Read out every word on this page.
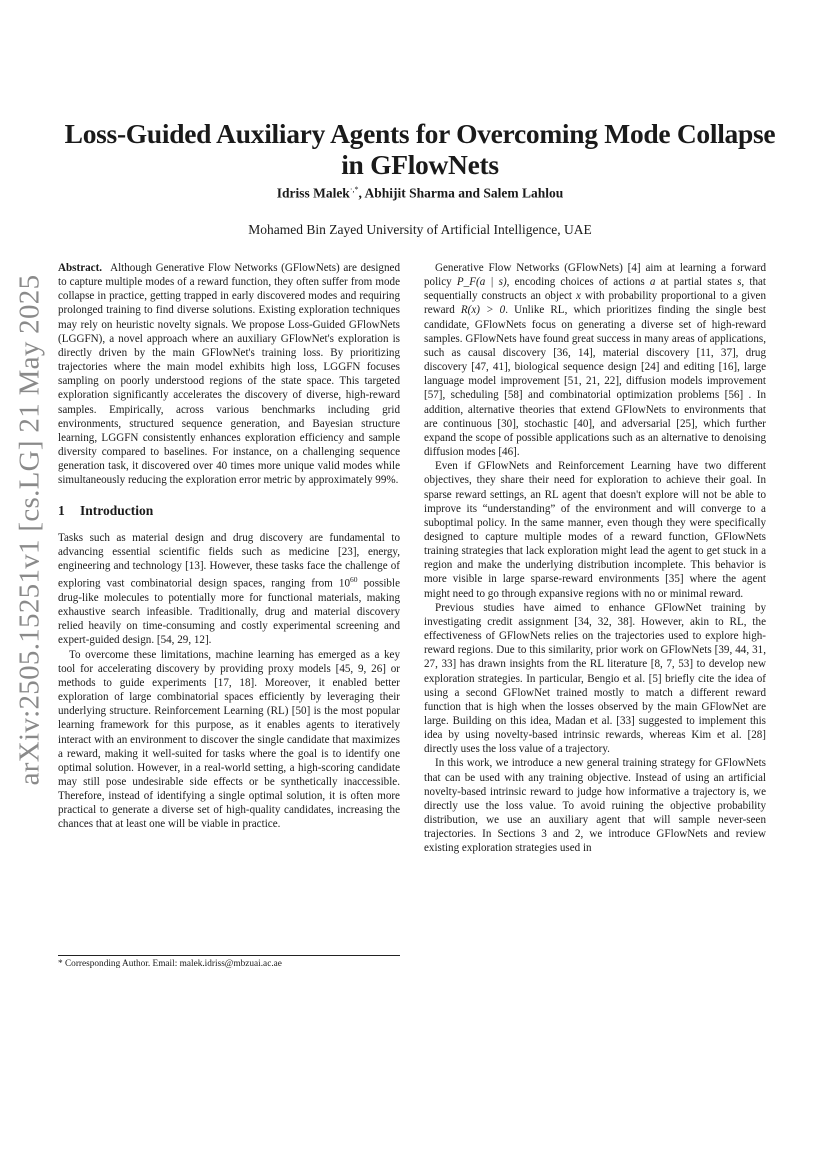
arXiv:2505.15251v1 [cs.LG] 21 May 2025
Loss-Guided Auxiliary Agents for Overcoming Mode Collapse in GFlowNets
Idriss Malek·,*, Abhijit Sharma and Salem Lahlou
Mohamed Bin Zayed University of Artificial Intelligence, UAE

Abstract. Although Generative Flow Networks (GFlowNets) are designed to capture multiple modes of a reward function, they often suffer from mode collapse in practice, getting trapped in early discovered modes and requiring prolonged training to find diverse solutions. Existing exploration techniques may rely on heuristic novelty signals. We propose Loss-Guided GFlowNets (LGGFN), a novel approach where an auxiliary GFlowNet's exploration is directly driven by the main GFlowNet's training loss. By prioritizing trajectories where the main model exhibits high loss, LGGFN focuses sampling on poorly understood regions of the state space. This targeted exploration significantly accelerates the discovery of diverse, high-reward samples. Empirically, across various benchmarks including grid environments, structured sequence generation, and Bayesian structure learning, LGGFN consistently enhances exploration efficiency and sample diversity compared to baselines. For instance, on a challenging sequence generation task, it discovered over 40 times more unique valid modes while simultaneously reducing the exploration error metric by approximately 99%.

1 Introduction

Tasks such as material design and drug discovery are fundamental to advancing essential scientific fields such as medicine [23], energy, engineering and technology [13]. However, these tasks face the challenge of exploring vast combinatorial design spaces, ranging from $10^{60}$ possible drug-like molecules to potentially more for functional materials, making exhaustive search infeasible. Traditionally, drug and material discovery relied heavily on time-consuming and costly experimental screening and expert-guided design. [54, 29, 12].

To overcome these limitations, machine learning has emerged as a key tool for accelerating discovery by providing proxy models [45, 9, 26] or methods to guide experiments [17, 18]. Moreover, it enabled better exploration of large combinatorial spaces efficiently by leveraging their underlying structure. Reinforcement Learning (RL) [50] is the most popular learning framework for this purpose, as it enables agents to iteratively interact with an environment to discover the single candidate that maximizes a reward, making it well-suited for tasks where the goal is to identify one optimal solution. However, in a real-world setting, a high-scoring candidate may still pose undesirable side effects or be synthetically inaccessible. Therefore, instead of identifying a single optimal solution, it is often more practical to generate a diverse set of high-quality candidates, increasing the chances that at least one will be viable in practice.

* Corresponding Author. Email: malek.idriss@mbzuai.ac.ae

Generative Flow Networks (GFlowNets) [4] aim at learning a forward policy P_F(a | s), encoding choices of actions a at partial states s, that sequentially constructs an object x with probability proportional to a given reward R(x) > 0. Unlike RL, which prioritizes finding the single best candidate, GFlowNets focus on generating a diverse set of high-reward samples. GFlowNets have found great success in many areas of applications, such as causal discovery [36, 14], material discovery [11, 37], drug discovery [47, 41], biological sequence design [24] and editing [16], large language model improvement [51, 21, 22], diffusion models improvement [57], scheduling [58] and combinatorial optimization problems [56] . In addition, alternative theories that extend GFlowNets to environments that are continuous [30], stochastic [40], and adversarial [25], which further expand the scope of possible applications such as an alternative to denoising diffusion modes [46].

Even if GFlowNets and Reinforcement Learning have two different objectives, they share their need for exploration to achieve their goal. In sparse reward settings, an RL agent that doesn't explore will not be able to improve its “understanding” of the environment and will converge to a suboptimal policy. In the same manner, even though they were specifically designed to capture multiple modes of a reward function, GFlowNets training strategies that lack exploration might lead the agent to get stuck in a region and make the underlying distribution incomplete. This behavior is more visible in large sparse-reward environments [35] where the agent might need to go through expansive regions with no or minimal reward.

Previous studies have aimed to enhance GFlowNet training by investigating credit assignment [34, 32, 38]. However, akin to RL, the effectiveness of GFlowNets relies on the trajectories used to explore high-reward regions. Due to this similarity, prior work on GFlowNets [39, 44, 31, 27, 33] has drawn insights from the RL literature [8, 7, 53] to develop new exploration strategies. In particular, Bengio et al. [5] briefly cite the idea of using a second GFlowNet trained mostly to match a different reward function that is high when the losses observed by the main GFlowNet are large. Building on this idea, Madan et al. [33] suggested to implement this idea by using novelty-based intrinsic rewards, whereas Kim et al. [28] directly uses the loss value of a trajectory.

In this work, we introduce a new general training strategy for GFlowNets that can be used with any training objective. Instead of using an artificial novelty-based intrinsic reward to judge how informative a trajectory is, we directly use the loss value. To avoid ruining the objective probability distribution, we use an auxiliary agent that will sample never-seen trajectories. In Sections 3 and 2, we introduce GFlowNets and review existing exploration strategies used in
